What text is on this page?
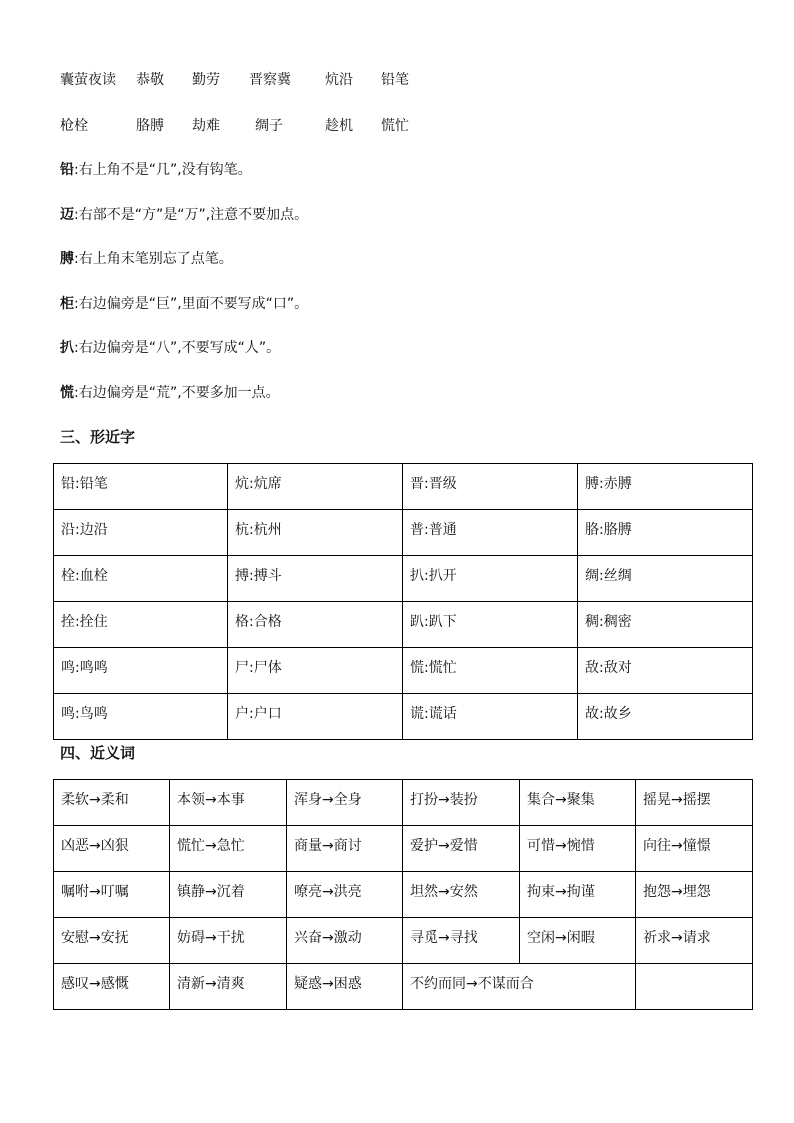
囊萤夜读 恭敬 勤劳 晋察冀 炕沿 铅笔
枪栓	胳膊 劫难	绸子	趁机 慌忙
铅:右上角不是“几”,没有钩笔。
迈:右部不是“方”是“万”,注意不要加点。
膊:右上角末笔别忘了点笔。
柜:右边偏旁是“巨”,里面不要写成“口”。
扒:右边偏旁是“八”,不要写成“人”。
慌:右边偏旁是“荒”,不要多加一点。
三、形近字
铅:铅笔	炕:炕席	晋:晋级	膊:赤膊
沿:边沿	杭:杭州	普:普通	胳:胳膊
栓:血栓	搏:搏斗	扒:扒开	绸:丝绸
拴:拴住	格:合格	趴:趴下	稠:稠密
鸣:鸣鸣	尸:尸体	慌:慌忙	敌:敌对
鸣:鸟鸣	户:户口	谎:谎话	故:故乡
四、近义词
柔软→柔和	本领→本事	浑身→全身	打扮→装扮	集合→聚集	摇晃→摇摆
凶恶→凶狠	慌忙→急忙	商量→商讨	爱护→爱惜	可惜→惋惜	向往→憧憬
嘱咐→叮嘱	镇静→沉着	嘹亮→洪亮	坦然→安然	拘束→拘谨	抱怨→埋怨
安慰→安抚	妨碍→干扰	兴奋→激动	寻觅→寻找	空闲→闲暇	祈求→请求
感叹→感慨	清新→清爽	疑惑→困惑	不约而同→不谋而合		
